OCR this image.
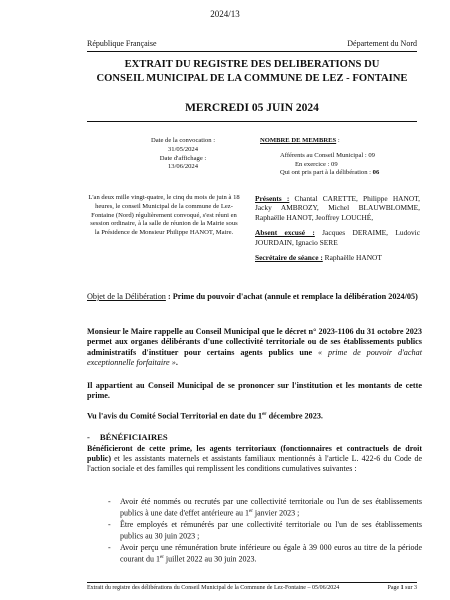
2024/13
République Française	Département du Nord
EXTRAIT DU REGISTRE DES DELIBERATIONS DU
CONSEIL MUNICIPAL DE LA COMMUNE DE LEZ - FONTAINE
MERCREDI 05 JUIN 2024
Date de la convocation :
31/05/2024
Date d'affichage :
13/06/2024
NOMBRE DE MEMBRES :
Afférents au Conseil Municipal : 09
En exercice : 09
Qui ont pris part à la délibération : 06
L'an deux mille vingt-quatre, le cinq du mois de juin à 18 heures, le conseil Municipal de la commune de Lez-Fontaine (Nord) régulièrement convoqué, s'est réuni en session ordinaire, à la salle de réunion de la Mairie sous la Présidence de Monsieur Philippe HANOT, Maire.
Présents : Chantal CARETTE, Philippe HANOT, Jacky AMBROZY, Michel BLAUWBLOMME, Raphaëlle HANOT, Jeoffrey LOUCHÉ,
Absent excusé : Jacques DERAIME, Ludovic JOURDAIN, Ignacio SERE
Secrétaire de séance : Raphaëlle HANOT
Objet de la Délibération : Prime du pouvoir d'achat (annule et remplace la délibération 2024/05)
Monsieur le Maire rappelle au Conseil Municipal que le décret n° 2023-1106 du 31 octobre 2023 permet aux organes délibérants d'une collectivité territoriale ou de ses établissements publics administratifs d'instituer pour certains agents publics une « prime de pouvoir d'achat exceptionnelle forfaitaire ».
Il appartient au Conseil Municipal de se prononcer sur l'institution et les montants de cette prime.
Vu l'avis du Comité Social Territorial en date du 1er décembre 2023.
- BÉNÉFICIAIRES
Bénéficieront de cette prime, les agents territoriaux (fonctionnaires et contractuels de droit public) et les assistants maternels et assistants familiaux mentionnés à l'article L. 422-6 du Code de l'action sociale et des familles qui remplissent les conditions cumulatives suivantes :
- Avoir été nommés ou recrutés par une collectivité territoriale ou l'un de ses établissements publics à une date d'effet antérieure au 1er janvier 2023 ;
- Être employés et rémunérés par une collectivité territoriale ou l'un de ses établissements publics au 30 juin 2023 ;
- Avoir perçu une rémunération brute inférieure ou égale à 39 000 euros au titre de la période courant du 1er juillet 2022 au 30 juin 2023.
Extrait du registre des délibérations du Conseil Municipal de la Commune de Lez-Fontaine – 05/06/2024	Page 1 sur 3
